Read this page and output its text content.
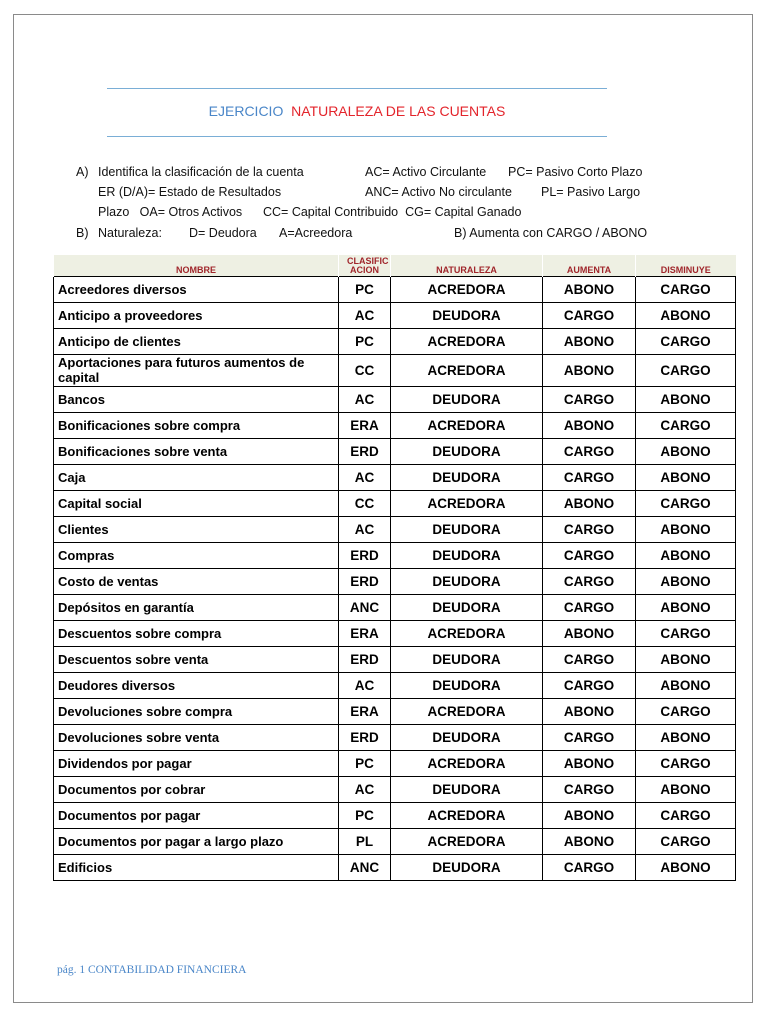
EJERCICIO NATURALEZA DE LAS CUENTAS
A) Identifica la clasificación de la cuenta	AC= Activo Circulante PC= Pasivo Corto Plazo
ER (D/A)= Estado de Resultados	ANC= Activo No circulante PL= Pasivo Largo
Plazo   OA= Otros Activos      CC= Capital Contribuido  CG= Capital Ganado
B) Naturaleza: D= Deudora A=Acreedora	B) Aumenta con CARGO / ABONO
NOMBRE	CLASIFIC ACION	NATURALEZA	AUMENTA	DISMINUYE
Acreedores diversos	PC	ACREDORA	ABONO	CARGO
Anticipo a proveedores	AC	DEUDORA	CARGO	ABONO
Anticipo de clientes	PC	ACREDORA	ABONO	CARGO
Aportaciones para futuros aumentos de capital	CC	ACREDORA	ABONO	CARGO
Bancos	AC	DEUDORA	CARGO	ABONO
Bonificaciones sobre compra	ERA	ACREDORA	ABONO	CARGO
Bonificaciones sobre venta	ERD	DEUDORA	CARGO	ABONO
Caja	AC	DEUDORA	CARGO	ABONO
Capital social	CC	ACREDORA	ABONO	CARGO
Clientes	AC	DEUDORA	CARGO	ABONO
Compras	ERD	DEUDORA	CARGO	ABONO
Costo de ventas	ERD	DEUDORA	CARGO	ABONO
Depósitos en garantía	ANC	DEUDORA	CARGO	ABONO
Descuentos sobre compra	ERA	ACREDORA	ABONO	CARGO
Descuentos sobre venta	ERD	DEUDORA	CARGO	ABONO
Deudores diversos	AC	DEUDORA	CARGO	ABONO
Devoluciones sobre compra	ERA	ACREDORA	ABONO	CARGO
Devoluciones sobre venta	ERD	DEUDORA	CARGO	ABONO
Dividendos por pagar	PC	ACREDORA	ABONO	CARGO
Documentos por cobrar	AC	DEUDORA	CARGO	ABONO
Documentos por pagar	PC	ACREDORA	ABONO	CARGO
Documentos por pagar a largo plazo	PL	ACREDORA	ABONO	CARGO
Edificios	ANC	DEUDORA	CARGO	ABONO
pág. 1 CONTABILIDAD FINANCIERA
